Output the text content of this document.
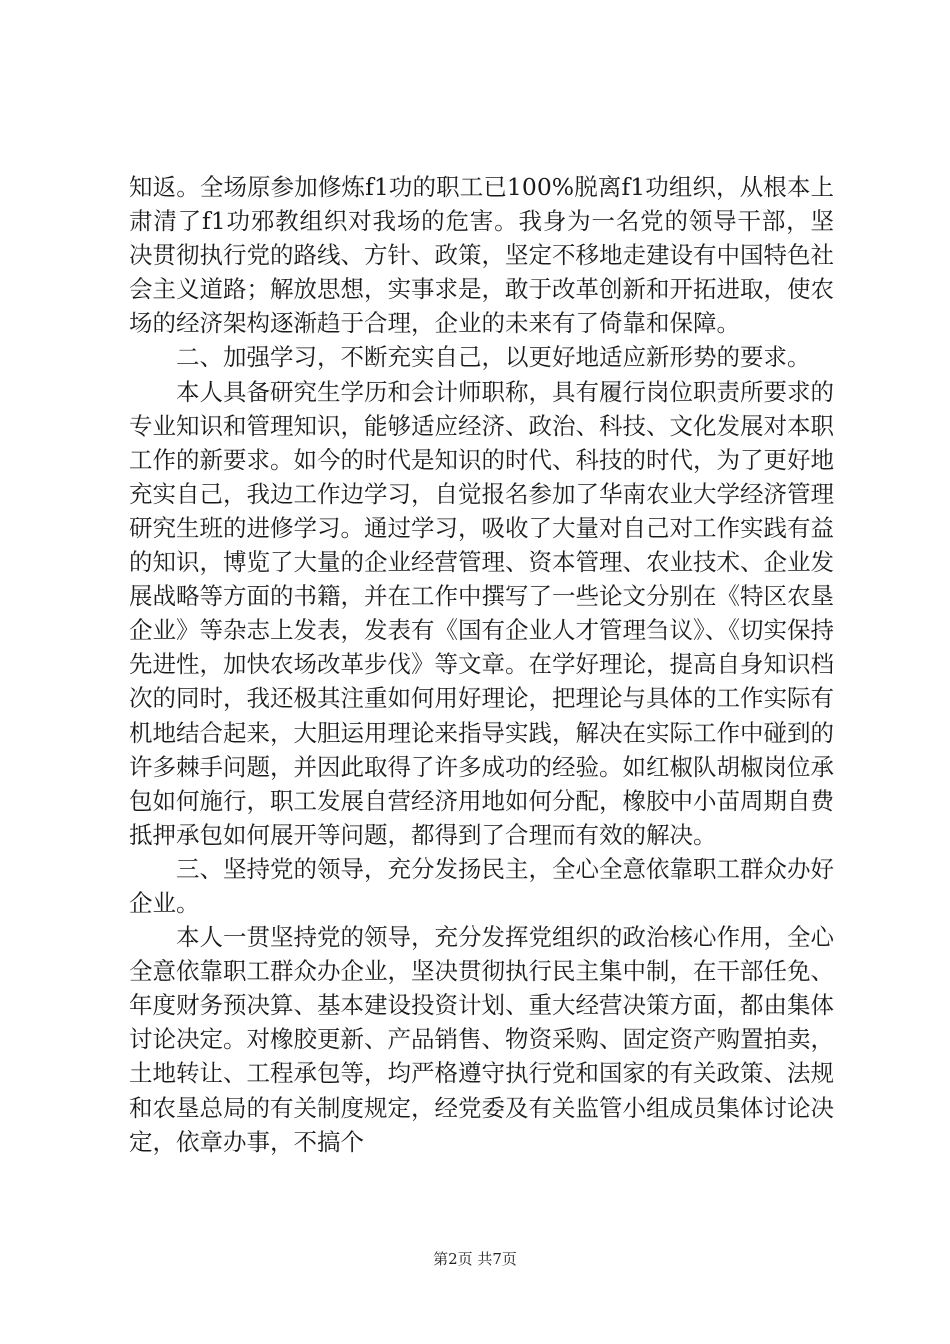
知返。全场原参加修炼f1功的职工已100%脱离f1功组织，从根本上肃清了f1功邪教组织对我场的危害。我身为一名党的领导干部，坚决贯彻执行党的路线、方针、政策，坚定不移地走建设有中国特色社会主义道路；解放思想，实事求是，敢于改革创新和开拓进取，使农场的经济架构逐渐趋于合理，企业的未来有了倚靠和保障。

二、加强学习，不断充实自己，以更好地适应新形势的要求。

本人具备研究生学历和会计师职称，具有履行岗位职责所要求的专业知识和管理知识，能够适应经济、政治、科技、文化发展对本职工作的新要求。如今的时代是知识的时代、科技的时代，为了更好地充实自己，我边工作边学习，自觉报名参加了华南农业大学经济管理研究生班的进修学习。通过学习，吸收了大量对自己对工作实践有益的知识，博览了大量的企业经营管理、资本管理、农业技术、企业发展战略等方面的书籍，并在工作中撰写了一些论文分别在《特区农垦企业》等杂志上发表，发表有《国有企业人才管理刍议》、《切实保持先进性，加快农场改革步伐》等文章。在学好理论，提高自身知识档次的同时，我还极其注重如何用好理论，把理论与具体的工作实际有机地结合起来，大胆运用理论来指导实践，解决在实际工作中碰到的许多棘手问题，并因此取得了许多成功的经验。如红椒队胡椒岗位承包如何施行，职工发展自营经济用地如何分配，橡胶中小苗周期自费抵押承包如何展开等问题，都得到了合理而有效的解决。

三、坚持党的领导，充分发扬民主，全心全意依靠职工群众办好企业。

本人一贯坚持党的领导，充分发挥党组织的政治核心作用，全心全意依靠职工群众办企业，坚决贯彻执行民主集中制，在干部任免、年度财务预决算、基本建设投资计划、重大经营决策方面，都由集体讨论决定。对橡胶更新、产品销售、物资采购、固定资产购置拍卖，土地转让、工程承包等，均严格遵守执行党和国家的有关政策、法规和农垦总局的有关制度规定，经党委及有关监管小组成员集体讨论决定，依章办事，不搞个

第2页 共7页
